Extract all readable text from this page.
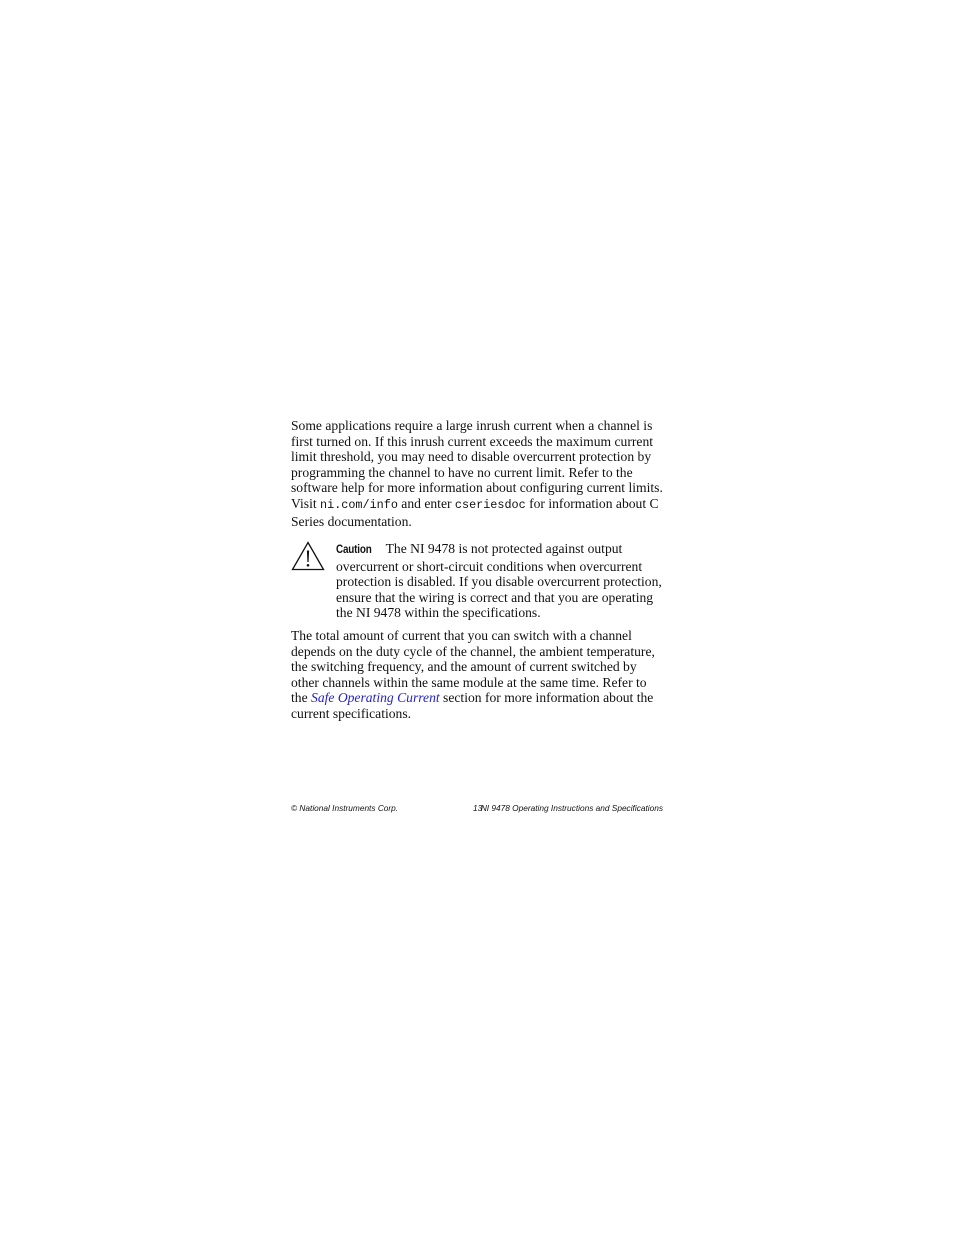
Some applications require a large inrush current when a channel is first turned on. If this inrush current exceeds the maximum current limit threshold, you may need to disable overcurrent protection by programming the channel to have no current limit. Refer to the software help for more information about configuring current limits. Visit ni.com/info and enter cseriesdoc for information about C Series documentation.

Caution The NI 9478 is not protected against output overcurrent or short-circuit conditions when overcurrent protection is disabled. If you disable overcurrent protection, ensure that the wiring is correct and that you are operating the NI 9478 within the specifications.

The total amount of current that you can switch with a channel depends on the duty cycle of the channel, the ambient temperature, the switching frequency, and the amount of current switched by other channels within the same module at the same time. Refer to the Safe Operating Current section for more information about the current specifications.

© National Instruments Corp.	13
NI 9478 Operating Instructions and Specifications
